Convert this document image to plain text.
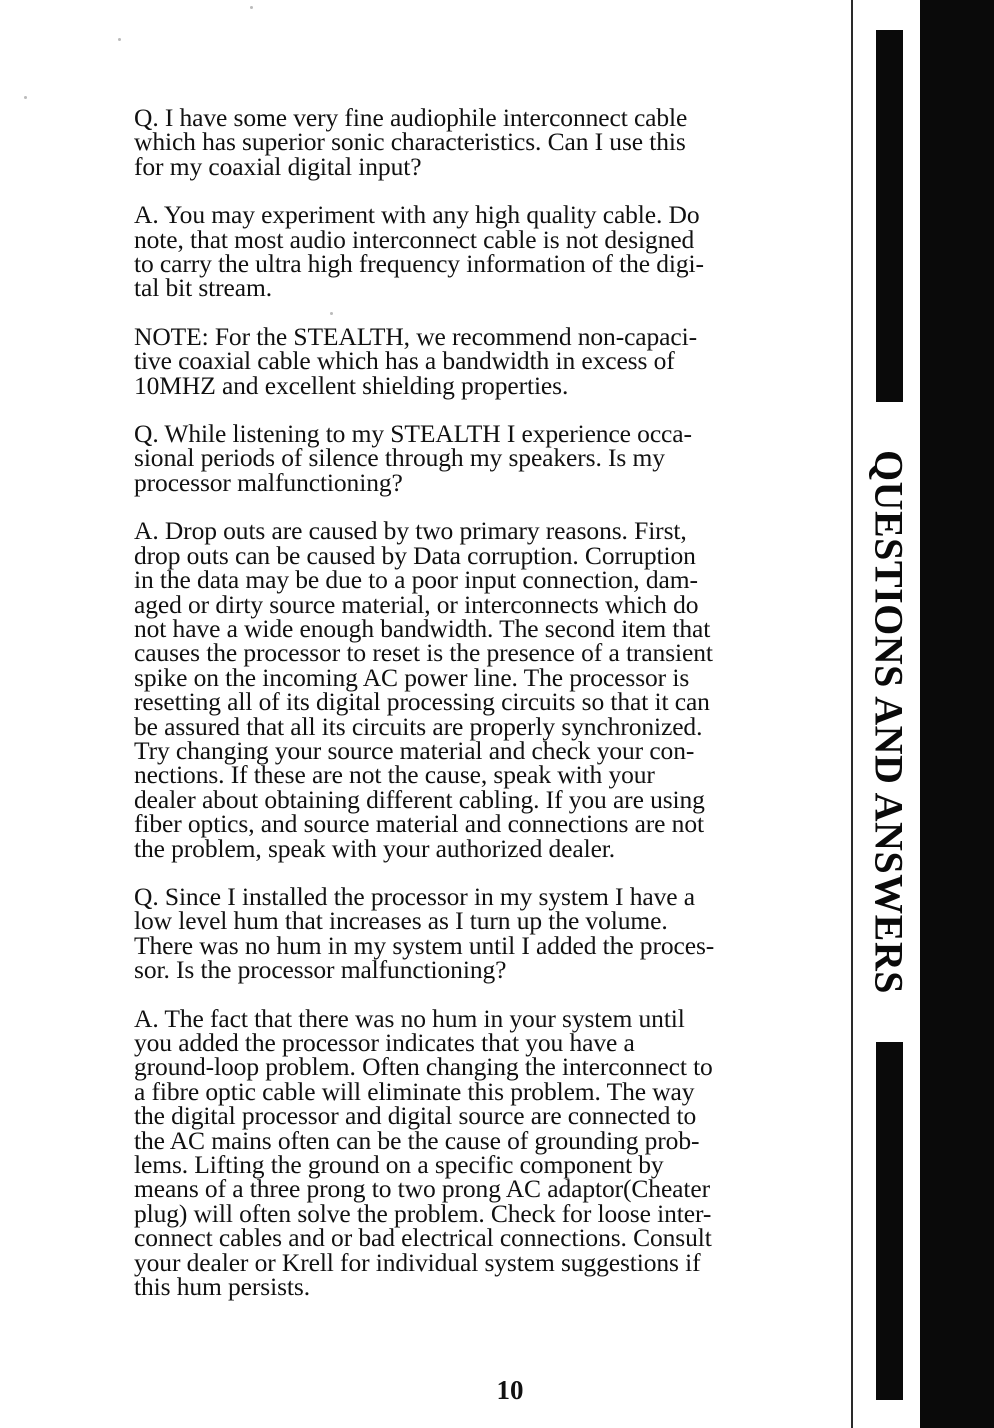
Q. I have some very fine audiophile interconnect cable
which has superior sonic characteristics. Can I use this
for my coaxial digital input?

A. You may experiment with any high quality cable. Do
note, that most audio interconnect cable is not designed
to carry the ultra high frequency information of the digi-
tal bit stream.

NOTE: For the STEALTH, we recommend non-capaci-
tive coaxial cable which has a bandwidth in excess of
10MHZ and excellent shielding properties.

Q. While listening to my STEALTH I experience occa-
sional periods of silence through my speakers. Is my
processor malfunctioning?

A. Drop outs are caused by two primary reasons. First,
drop outs can be caused by Data corruption. Corruption
in the data may be due to a poor input connection, dam-
aged or dirty source material, or interconnects which do
not have a wide enough bandwidth. The second item that
causes the processor to reset is the presence of a transient
spike on the incoming AC power line. The processor is
resetting all of its digital processing circuits so that it can
be assured that all its circuits are properly synchronized.
Try changing your source material and check your con-
nections. If these are not the cause, speak with your
dealer about obtaining different cabling. If you are using
fiber optics, and source material and connections are not
the problem, speak with your authorized dealer.

Q. Since I installed the processor in my system I have a
low level hum that increases as I turn up the volume.
There was no hum in my system until I added the proces-
sor. Is the processor malfunctioning?

A. The fact that there was no hum in your system until
you added the processor indicates that you have a
ground-loop problem. Often changing the interconnect to
a fibre optic cable will eliminate this problem. The way
the digital processor and digital source are connected to
the AC mains often can be the cause of grounding prob-
lems. Lifting the ground on a specific component by
means of a three prong to two prong AC adaptor(Cheater
plug) will often solve the problem. Check for loose inter-
connect cables and or bad electrical connections. Consult
your dealer or Krell for individual system suggestions if
this hum persists.

10
QUESTIONS AND ANSWERS
